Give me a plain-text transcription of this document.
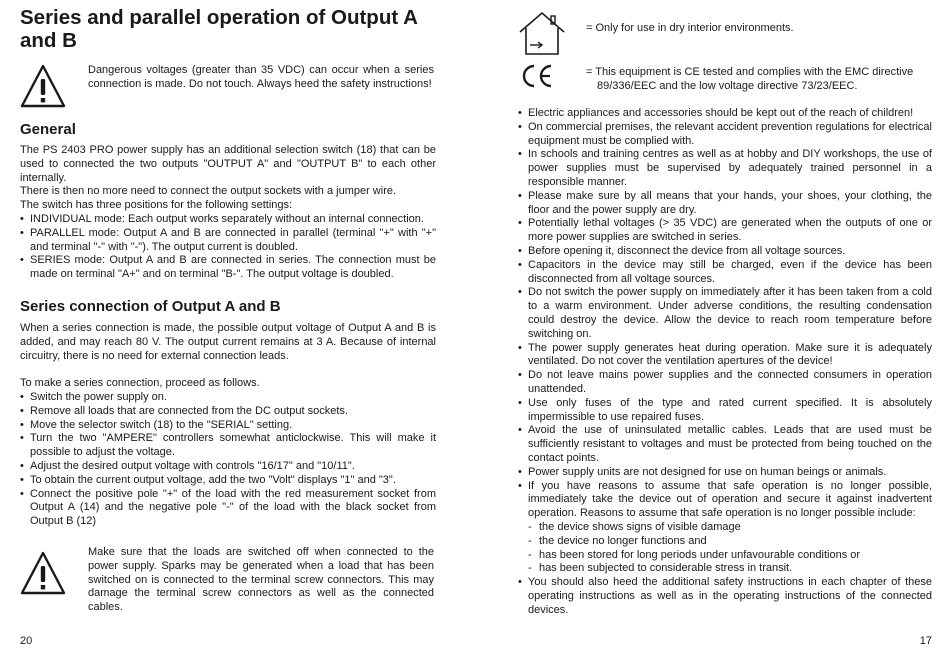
Series and parallel operation of Output A and B
Dangerous voltages (greater than 35 VDC) can occur when a series connection is made. Do not touch. Always heed the safety instructions!
General

The PS 2403 PRO power supply has an additional selection switch (18) that can be used to connected the two outputs "OUTPUT A" and "OUTPUT B" to each other internally.

There is then no more need to connect the output sockets with a jumper wire.

The switch has three positions for the following settings:

• INDIVIDUAL mode: Each output works separately without an internal connection.
• PARALLEL mode: Output A and B are connected in parallel (terminal "+" with "+" and terminal "-" with "-"). The output current is doubled.
• SERIES mode: Output A and B are connected in series. The connection must be made on terminal "A+" and on terminal "B-". The output voltage is doubled.
Series connection of Output A and B

When a series connection is made, the possible output voltage of Output A and B is added, and may reach 80 V. The output current remains at 3 A. Because of internal circuitry, there is no need for external connection leads.

To make a series connection, proceed as follows.

• Switch the power supply on.
• Remove all loads that are connected from the DC output sockets.
• Move the selector switch (18) to the "SERIAL" setting.
• Turn the two "AMPERE" controllers somewhat anticlockwise. This will make it possible to adjust the voltage.
• Adjust the desired output voltage with controls "16/17" and "10/11".
• To obtain the current output voltage, add the two "Volt" displays "1" and "3".
• Connect the positive pole "+" of the load with the red measurement socket from Output A (14) and the negative pole "-" of the load with the black socket from Output B (12)
Make sure that the loads are switched off when connected to the power supply. Sparks may be generated when a load that has been switched on is connected to the terminal screw connectors. This may damage the terminal screw connectors as well as the connected cables.
20
= Only for use in dry interior environments.
= This equipment is CE tested and complies with the EMC directive 89/336/EEC and the low voltage directive 73/23/EEC.
• Electric appliances and accessories should be kept out of the reach of children!
• On commercial premises, the relevant accident prevention regulations for electrical equipment must be complied with.
• In schools and training centres as well as at hobby and DIY workshops, the use of power supplies must be supervised by adequately trained personnel in a responsible manner.
• Please make sure by all means that your hands, your shoes, your clothing, the floor and the power supply are dry.
• Potentially lethal voltages (> 35 VDC) are generated when the outputs of one or more power supplies are switched in series.
• Before opening it, disconnect the device from all voltage sources.
• Capacitors in the device may still be charged, even if the device has been disconnected from all voltage sources.
• Do not switch the power supply on immediately after it has been taken from a cold to a warm environment. Under adverse conditions, the resulting condensation could destroy the device. Allow the device to reach room temperature before switching on.
• The power supply generates heat during operation. Make sure it is adequately ventilated. Do not cover the ventilation apertures of the device!
• Do not leave mains power supplies and the connected consumers in operation unattended.
• Use only fuses of the type and rated current specified. It is absolutely impermissible to use repaired fuses.
• Avoid the use of uninsulated metallic cables. Leads that are used must be sufficiently resistant to voltages and must be protected from being touched on the contact points.
• Power supply units are not designed for use on human beings or animals.
• If you have reasons to assume that safe operation is no longer possible, immediately take the device out of operation and secure it against inadvertent operation. Reasons to assume that safe operation is no longer possible include:
- the device shows signs of visible damage
- the device no longer functions and
- has been stored for long periods under unfavourable conditions or
- has been subjected to considerable stress in transit.
• You should also heed the additional safety instructions in each chapter of these operating instructions as well as in the operating instructions of the connected devices.
17
